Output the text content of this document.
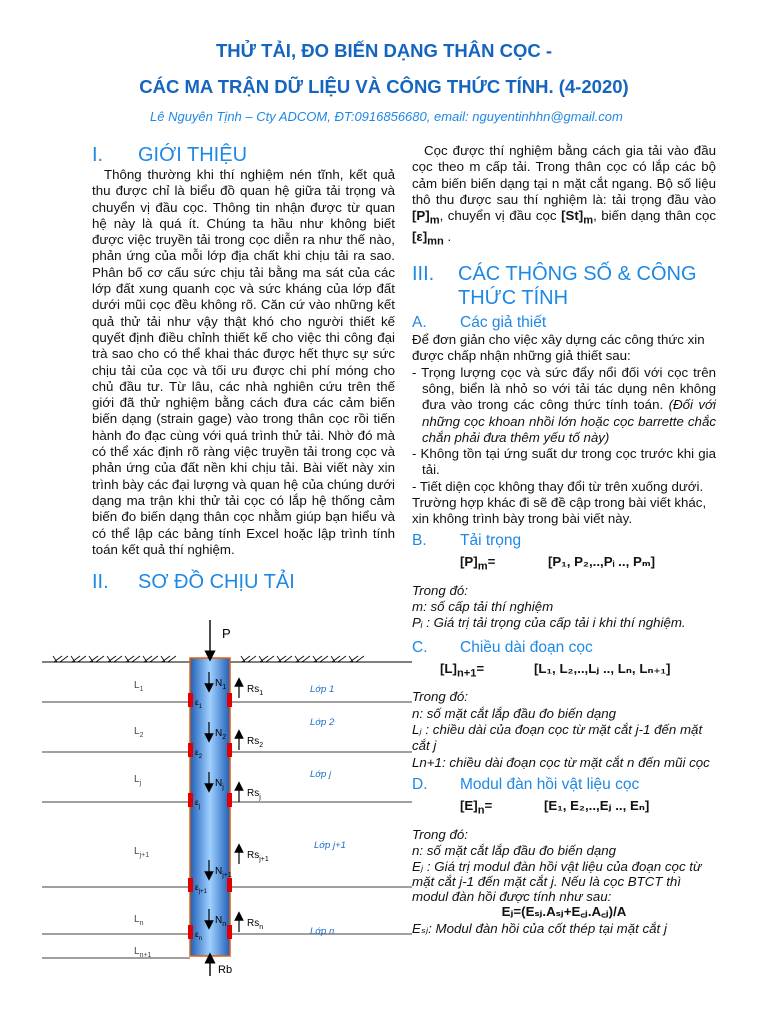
THỬ TẢI, ĐO BIẾN DẠNG THÂN CỌC -
CÁC MA TRẬN DỮ LIỆU VÀ CÔNG THỨC TÍNH. (4-2020)
Lê Nguyên Tịnh – Cty ADCOM, ĐT:0916856680, email: nguyentinhhn@gmail.com
I.	GIỚI THIỆU
Thông thường khi thí nghiệm nén tĩnh, kết quả thu được chỉ là biểu đồ quan hệ giữa tải trọng và chuyển vị đầu cọc. Thông tin nhận được từ quan hệ này là quá ít. Chúng ta hầu như không biết được việc truyền tải trong cọc diễn ra như thế nào, phản ứng của mỗi lớp địa chất khi chịu tải ra sao. Phân bố cơ cấu sức chịu tải bằng ma sát của các lớp đất xung quanh cọc và sức kháng của lớp đất dưới mũi cọc đều không rõ. Căn cứ vào những kết quả thử tải như vậy thật khó cho người thiết kế quyết định điều chỉnh thiết kế cho việc thi công đại trà sao cho có thể khai thác được hết thực sự sức chịu tải của cọc và tối ưu được chi phí móng cho chủ đầu tư. Từ lâu, các nhà nghiên cứu trên thế giới đã thử nghiệm bằng cách đưa các cảm biến biến dạng (strain gage) vào trong thân cọc rồi tiến hành đo đạc cùng với quá trình thử tải. Nhờ đó mà có thể xác định rõ ràng việc truyền tải trong cọc và phản ứng của đất nền khi chịu tải. Bài viết này xin trình bày các đại lượng và quan hệ của chúng dưới dạng ma trận khi thử tải cọc có lắp hệ thống cảm biến đo biến dạng thân cọc nhằm giúp bạn hiểu và có thể lập các bảng tính Excel hoặc lập trình tính toán kết quả thí nghiệm.
II.	SƠ ĐỒ CHỊU TẢI
P
Rb
$L_1$
$L_2$
$L_j$
$L_{j+1}$
$L_n$
$L_{n+1}$
Lớp 1
Lớp 2
Lớp j
Lớp j+1
Lớp n
$\varepsilon_1$
$\varepsilon_2$
$\varepsilon_j$
$\varepsilon_{j+1}$
$\varepsilon_n$
$N_1$
$N_2$
$N_j$
$N_{j+1}$
$N_n$
$Rs_1$
$Rs_2$
$Rs_j$
$Rs_{j+1}$
$Rs_n$
Cọc được thí nghiệm bằng cách gia tải vào đầu cọc theo m cấp tải. Trong thân cọc có lắp các bộ cảm biến biến dạng tại n mặt cắt ngang. Bộ số liệu thô thu được sau thí nghiệm là: tải trọng đầu vào $[P]_m$, chuyển vị đầu cọc $[St]_m$, biến dạng thân cọc $[\varepsilon]_{mn}$ .
III.	CÁC THÔNG SỐ & CÔNG THỨC TÍNH
A.	Các giả thiết
Để đơn giản cho việc xây dựng các công thức xin được chấp nhận những giả thiết sau:
- Trọng lượng cọc và sức đẩy nổi đối với cọc trên sông, biển là nhỏ so với tải tác dụng nên không đưa vào trong các công thức tính toán. (Đối với những cọc khoan nhồi lớn hoặc cọc barrette chắc chắn phải đưa thêm yếu tố này)
- Không tồn tại ứng suất dư trong cọc trước khi gia tải.
- Tiết diện cọc không thay đổi từ trên xuống dưới.
Trường hợp khác đi sẽ đề cập trong bài viết khác, xin không trình bày trong bài viết này.
B.	Tải trọng
$[P]_m=$	[P₁, P₂,..,Pᵢ .., Pₘ]
Trong đó:
m: số cấp tải thí nghiệm
Pᵢ : Giá trị tải trọng của cấp tải i khi thí nghiệm.
C.	Chiều dài đoạn cọc
$[L]_{n+1}=$	[L₁, L₂,..,Lⱼ .., Lₙ, Lₙ₊₁]
Trong đó:
n: số mặt cắt lắp đầu đo biến dạng
Lⱼ : chiều dài của đoạn cọc từ mặt cắt j-1 đến mặt cắt j
Ln+1: chiều dài đoạn cọc từ mặt cắt n đến mũi cọc
D.	Modul đàn hồi vật liệu cọc
$[E]_n=$	[E₁, E₂,..,Eⱼ .., Eₙ]
Trong đó:
n: số mặt cắt lắp đầu đo biến dạng
Eⱼ : Giá trị modul đàn hồi vật liệu của đoạn cọc từ mặt cắt j-1 đến mặt cắt j. Nếu là cọc BTCT thì modul đàn hồi được tính như sau:
Eⱼ=(Eₛⱼ.Aₛⱼ+E꜀ⱼ.A꜀ⱼ)/A
Eₛⱼ: Modul đàn hồi của cốt thép tại mặt cắt j
